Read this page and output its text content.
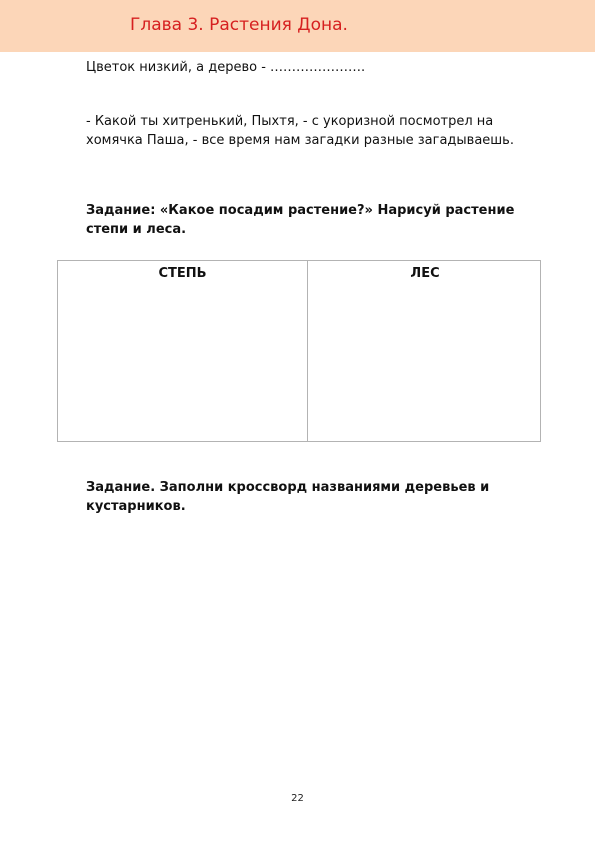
Глава 3. Растения Дона.
Цветок низкий, а дерево - ………………….
- Какой ты хитренький, Пыхтя, - с укоризной посмотрел на
хомячка Паша, - все время нам загадки разные загадываешь.
Задание: «Какое посадим растение?» Нарисуй растение
степи и леса.
СТЕПЬ	ЛЕС
Задание. Заполни кроссворд названиями деревьев и
кустарников.
22
